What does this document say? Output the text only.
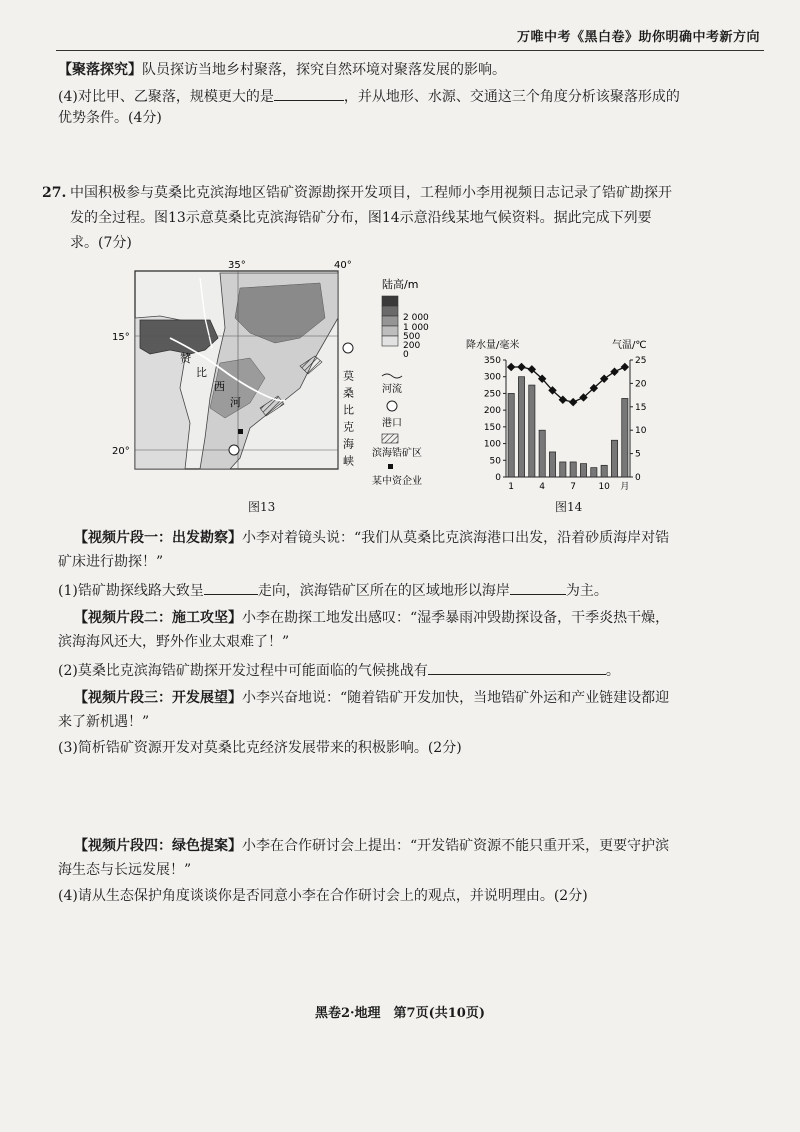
万唯中考《黑白卷》助你明确中考新方向
【聚落探究】队员探访当地乡村聚落，探究自然环境对聚落发展的影响。
(4)对比甲、乙聚落，规模更大的是	，并从地形、水源、交通这三个角度分析该聚落形成的
优势条件。(4分)
27. 中国积极参与莫桑比克滨海地区锆矿资源勘探开发项目，工程师小李用视频日志记录了锆矿勘探开
发的全过程。图13示意莫桑比克滨海锆矿分布，图14示意沿线某地气候资料。据此完成下列要
求。(7分)
35°	40°
15°
20°
赞
比
西
河	莫桑比克海峡
陆高/m
2 000
1 000
500
200
0
河流
港口
滨海锆矿区
某中资企业
图13
降水量/毫米	气温/℃
0
50
100
150
200
250
300
350
0
5
10
15
20
25
1	4	7 10 月
图14
【视频片段一：出发勘察】小李对着镜头说：“我们从莫桑比克滨海港口出发，沿着砂质海岸对锆
矿床进行勘探！”
(1)锆矿勘探线路大致呈	走向，滨海锆矿区所在的区域地形以海岸	为主。
【视频片段二：施工攻坚】小李在勘探工地发出感叹：“湿季暴雨冲毁勘探设备，干季炎热干燥，
滨海海风还大，野外作业太艰难了！”
(2)莫桑比克滨海锆矿勘探开发过程中可能面临的气候挑战有	。
【视频片段三：开发展望】小李兴奋地说：“随着锆矿开发加快，当地锆矿外运和产业链建设都迎
来了新机遇！”
(3)简析锆矿资源开发对莫桑比克经济发展带来的积极影响。(2分)
【视频片段四：绿色提案】小李在合作研讨会上提出：“开发锆矿资源不能只重开采，更要守护滨
海生态与长远发展！”
(4)请从生态保护角度谈谈你是否同意小李在合作研讨会上的观点，并说明理由。(2分)
黑卷2·地理　第7页(共10页)
